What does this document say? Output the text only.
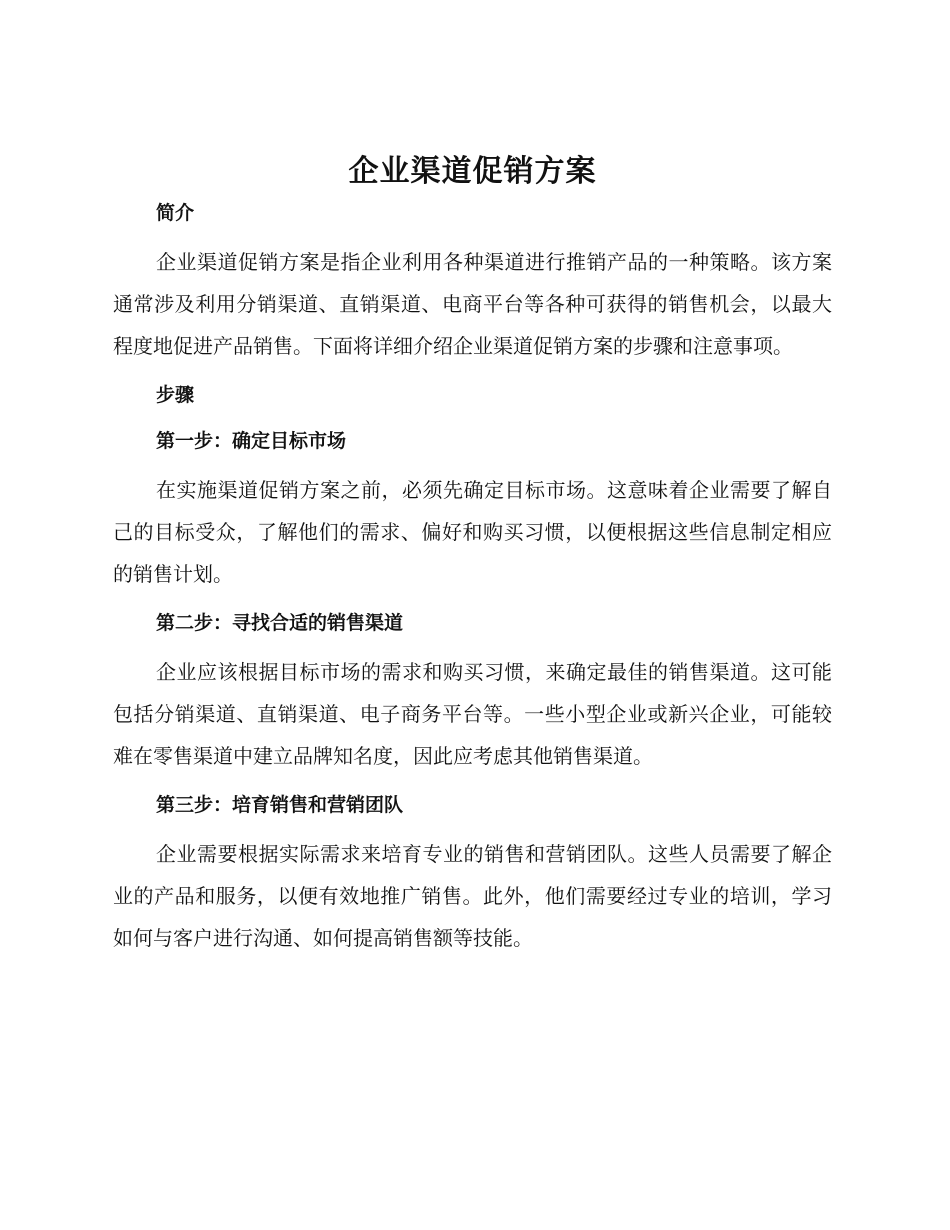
企业渠道促销方案
简介

企业渠道促销方案是指企业利用各种渠道进行推销产品的一种策略。该方案通常涉及利用分销渠道、直销渠道、电商平台等各种可获得的销售机会，以最大程度地促进产品销售。下面将详细介绍企业渠道促销方案的步骤和注意事项。

步骤
第一步：确定目标市场

在实施渠道促销方案之前，必须先确定目标市场。这意味着企业需要了解自己的目标受众，了解他们的需求、偏好和购买习惯，以便根据这些信息制定相应的销售计划。

第二步：寻找合适的销售渠道

企业应该根据目标市场的需求和购买习惯，来确定最佳的销售渠道。这可能包括分销渠道、直销渠道、电子商务平台等。一些小型企业或新兴企业，可能较难在零售渠道中建立品牌知名度，因此应考虑其他销售渠道。

第三步：培育销售和营销团队

企业需要根据实际需求来培育专业的销售和营销团队。这些人员需要了解企业的产品和服务，以便有效地推广销售。此外，他们需要经过专业的培训，学习如何与客户进行沟通、如何提高销售额等技能。
